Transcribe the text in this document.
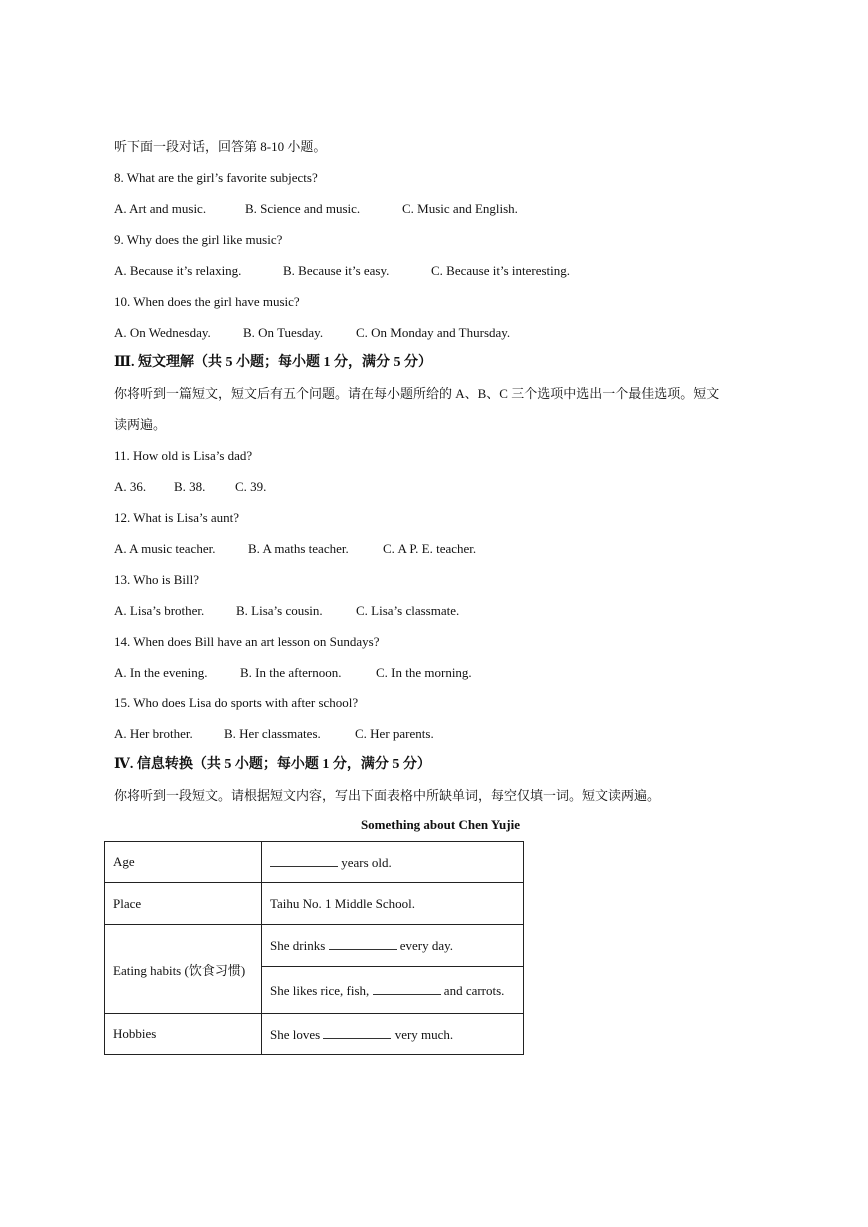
听下面一段对话，回答第 8-10 小题。
8. What are the girl’s favorite subjects?
A. Art and music.	B. Science and music.	C. Music and English.
9. Why does the girl like music?
A. Because it’s relaxing.	B. Because it’s easy.	C. Because it’s interesting.
10. When does the girl have music?
A. On Wednesday. B. On Tuesday.	C. On Monday and Thursday.
Ⅲ. 短文理解（共 5 小题；每小题 1 分，满分 5 分）
你将听到一篇短文，短文后有五个问题。请在每小题所给的 A、B、C 三个选项中选出一个最佳选项。短文
读两遍。
11. How old is Lisa’s dad?
A. 36. B. 38. C. 39.
12. What is Lisa’s aunt?
A. A music teacher.	B. A maths teacher.	C. A P. E. teacher.
13. Who is Bill?
A. Lisa’s brother. B. Lisa’s cousin.	C. Lisa’s classmate.
14. When does Bill have an art lesson on Sundays?
A. In the evening. B. In the afternoon.	C. In the morning.
15. Who does Lisa do sports with after school?
A. Her brother. B. Her classmates.	C. Her parents.
Ⅳ. 信息转换（共 5 小题；每小题 1 分，满分 5 分）
你将听到一段短文。请根据短文内容，写出下面表格中所缺单词，每空仅填一词。短文读两遍。
Something about Chen Yujie
Age	years old.
Place	Taihu No. 1 Middle School.
Eating habits (饮食习惯)	She drinks every day.
	She likes rice, fish, and carrots.
Hobbies	She loves very much.
